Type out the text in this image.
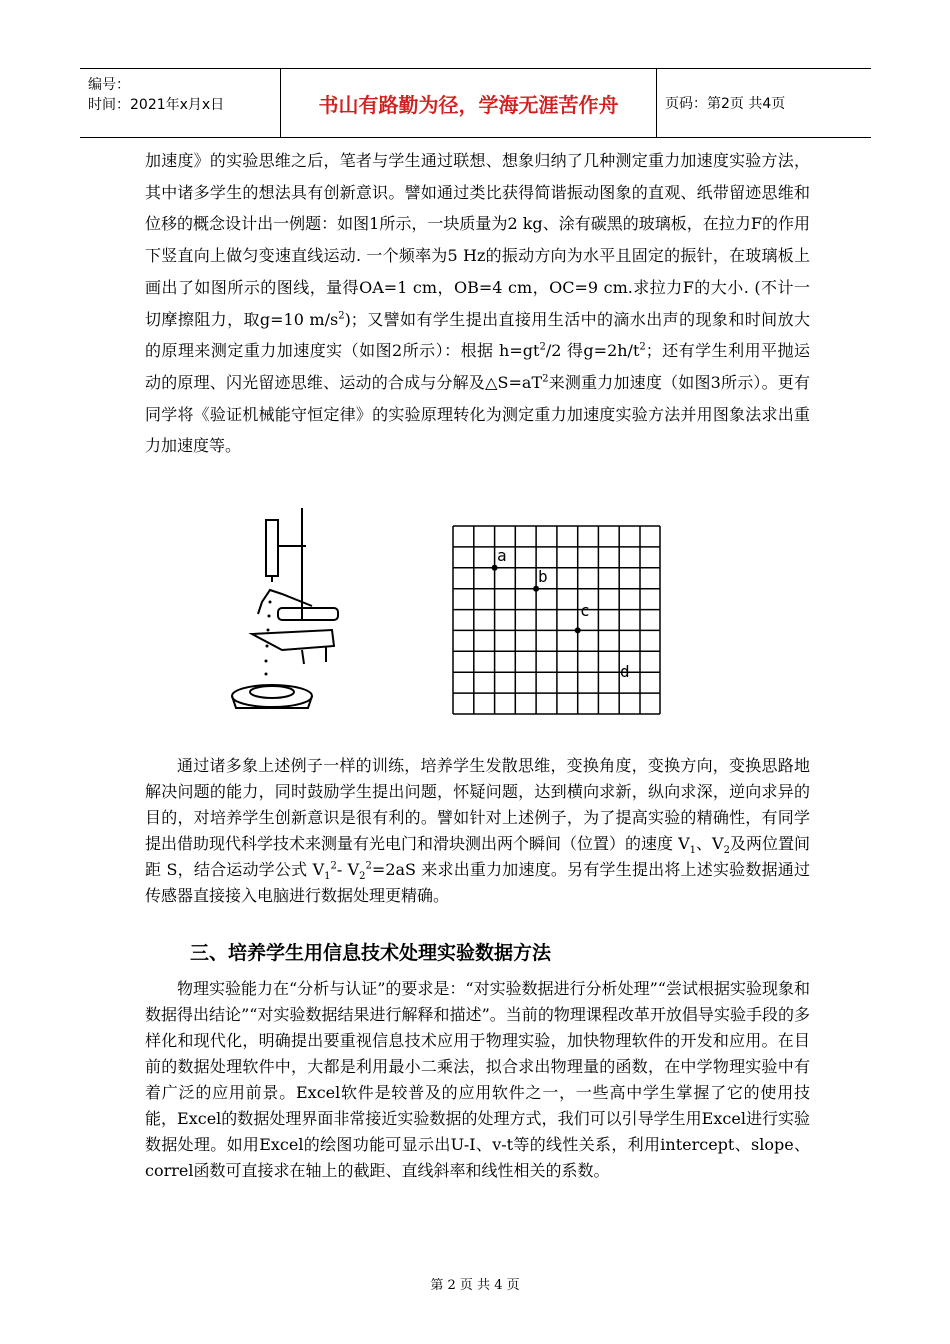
编号：
时间：2021年x月x日	书山有路勤为径，学海无涯苦作舟	页码：第2页 共4页

加速度》的实验思维之后，笔者与学生通过联想、想象归纳了几种测定重力加速度实验方法，其中诸多学生的想法具有创新意识。譬如通过类比获得简谐振动图象的直观、纸带留迹思维和位移的概念设计出一例题：如图1所示，一块质量为2 kg、涂有碳黑的玻璃板，在拉力F的作用下竖直向上做匀变速直线运动. 一个频率为5 Hz的振动方向为水平且固定的振针，在玻璃板上画出了如图所示的图线，量得OA=1 cm，OB=4 cm，OC=9 cm.求拉力F的大小. (不计一切摩擦阻力，取g=10 $m/s^2$)；又譬如有学生提出直接用生活中的滴水出声的现象和时间放大的原理来测定重力加速度实（如图2所示）：根据 $h=gt^2/2$ 得$g=2h/t^2$；还有学生利用平抛运动的原理、闪光留迹思维、运动的合成与分解及$\triangle S=aT^2$来测重力加速度（如图3所示）。更有同学将《验证机械能守恒定律》的实验原理转化为测定重力加速度实验方法并用图象法求出重力加速度等。

a
b
c
d

通过诸多象上述例子一样的训练，培养学生发散思维，变换角度，变换方向，变换思路地解决问题的能力，同时鼓励学生提出问题，怀疑问题，达到横向求新，纵向求深，逆向求异的目的，对培养学生创新意识是很有利的。譬如针对上述例子，为了提高实验的精确性，有同学提出借助现代科学技术来测量有光电门和滑块测出两个瞬间（位置）的速度 $V_1$、$V_2$及两位置间距 S，结合运动学公式 $V_1^2-$ $V_2^2=2aS$ 来求出重力加速度。另有学生提出将上述实验数据通过传感器直接接入电脑进行数据处理更精确。

三、培养学生用信息技术处理实验数据方法

物理实验能力在“分析与认证”的要求是：“对实验数据进行分析处理”“尝试根据实验现象和数据得出结论”“对实验数据结果进行解释和描述”。当前的物理课程改革开放倡导实验手段的多样化和现代化，明确提出要重视信息技术应用于物理实验，加快物理软件的开发和应用。在目前的数据处理软件中，大都是利用最小二乘法，拟合求出物理量的函数，在中学物理实验中有着广泛的应用前景。Excel软件是较普及的应用软件之一，一些高中学生掌握了它的使用技能，Excel的数据处理界面非常接近实验数据的处理方式，我们可以引导学生用Excel进行实验数据处理。如用Excel的绘图功能可显示出U-I、v-t等的线性关系，利用intercept、slope、correl函数可直接求在轴上的截距、直线斜率和线性相关的系数。

第 2 页 共 4 页
